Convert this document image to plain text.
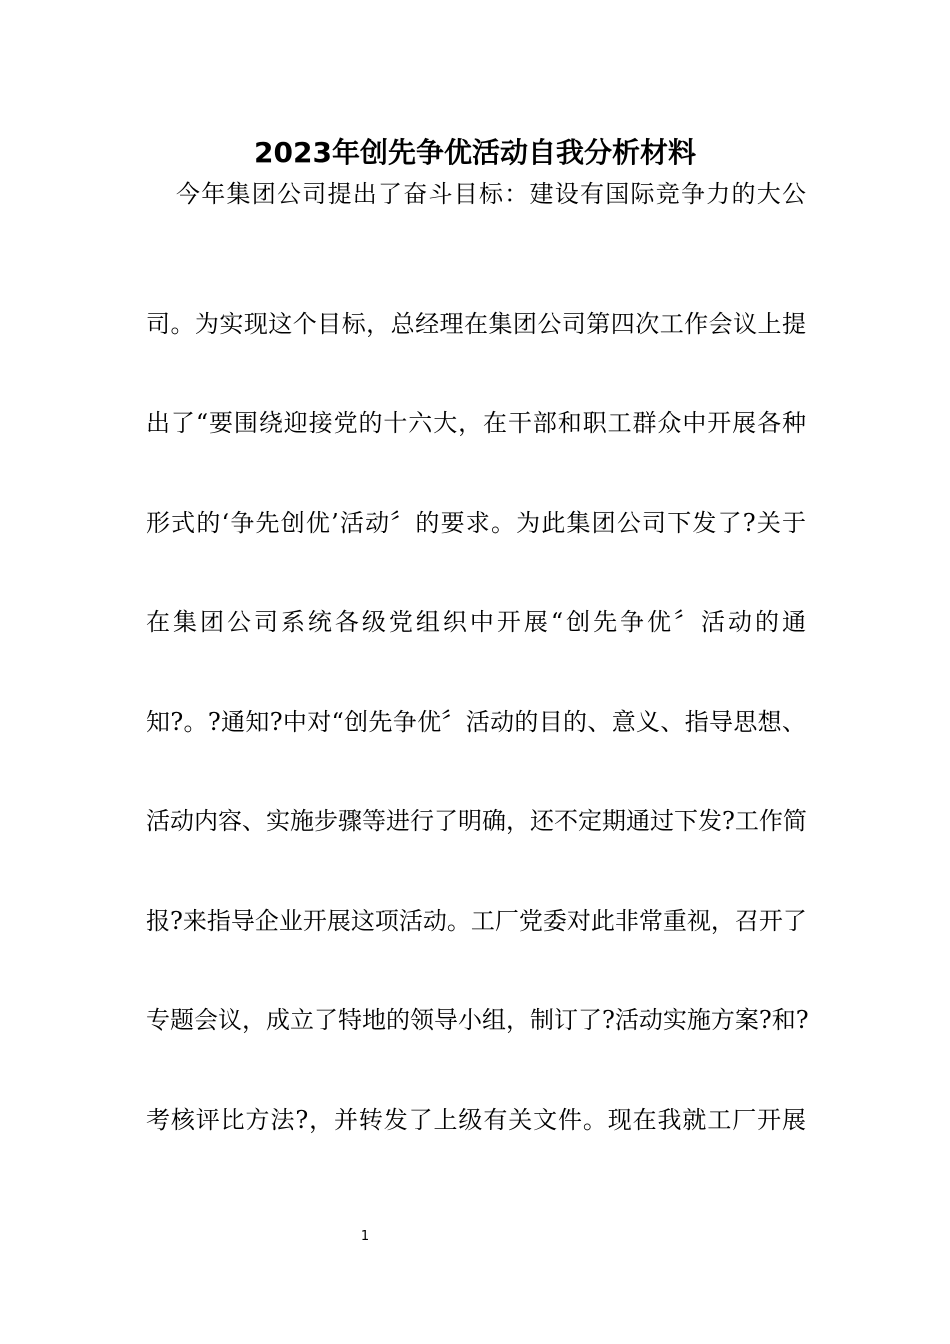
2023年创先争优活动自我分析材料
今年集团公司提出了奋斗目标：建设有国际竞争力的大公
司。为实现这个目标，总经理在集团公司第四次工作会议上提
出了“要围绕迎接党的十六大，在干部和职工群众中开展各种
形式的‘争先创优’活动〞的要求。为此集团公司下发了?关于
在集团公司系统各级党组织中开展“创先争优〞活动的通
知?。?通知?中对“创先争优〞活动的目的、意义、指导思想、
活动内容、实施步骤等进行了明确，还不定期通过下发?工作简
报?来指导企业开展这项活动。工厂党委对此非常重视，召开了
专题会议，成立了特地的领导小组，制订了?活动实施方案?和?
考核评比方法?，并转发了上级有关文件。现在我就工厂开展
1
